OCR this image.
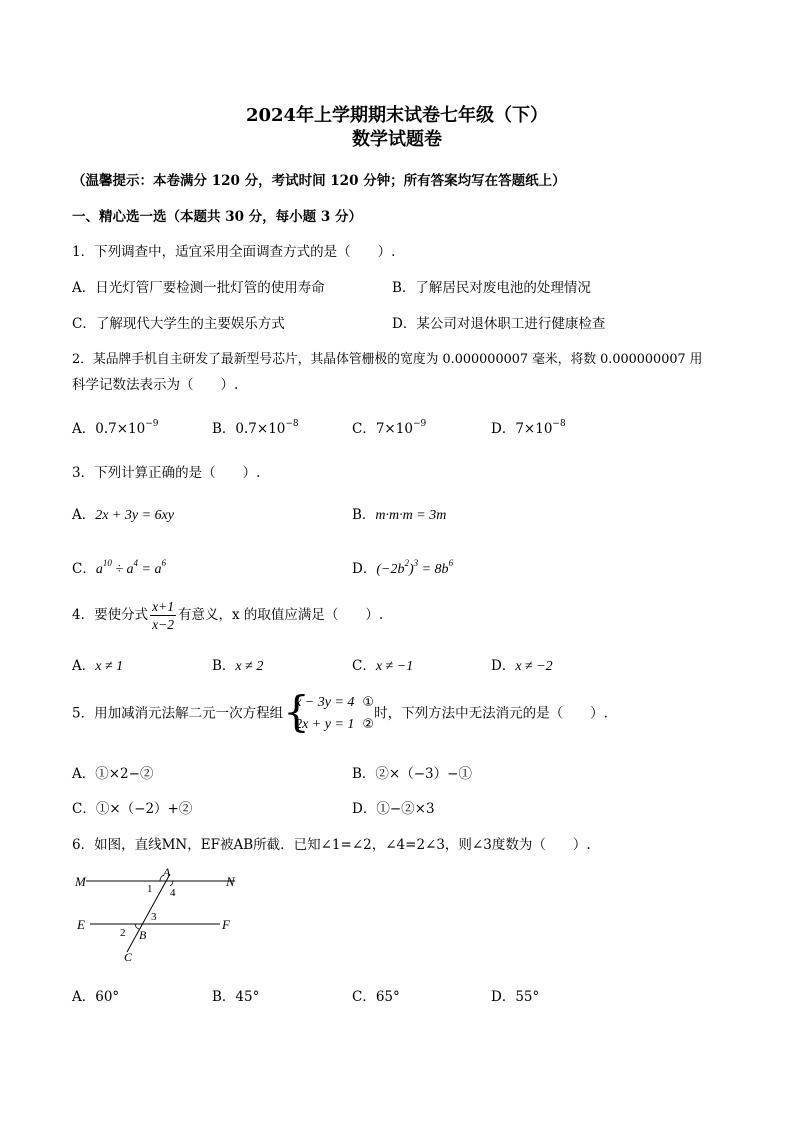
2024年上学期期末试卷七年级（下）
数学试题卷
（温馨提示：本卷满分 120 分，考试时间 120 分钟；所有答案均写在答题纸上）
一、精心选一选（本题共 30 分，每小题 3 分）
1．下列调查中，适宜采用全面调查方式的是（　　）.
A．日光灯管厂要检测一批灯管的使用寿命	B．了解居民对废电池的处理情况
C．了解现代大学生的主要娱乐方式	D．某公司对退休职工进行健康检查
2．某品牌手机自主研发了最新型号芯片，其晶体管栅极的宽度为 0.000000007 毫米，将数 0.000000007 用
科学记数法表示为（　　）.
A．$0.7\times 10^{-9}$	B．$0.7\times 10^{-8}$	C．$7\times 10^{-9}$	D．$7\times 10^{-8}$
3．下列计算正确的是（　　）.
A．2x + 3y = 6xy	B．m·m·m = 3m
C．$a^{10} \div a^4 = a^6$	D．$(-2b^2)^3 = 8b^6$
4．要使分式 $\frac{x+1}{x-2}$ 有意义，x 的取值应满足（　　）.
A．x ≠ 1	B．x ≠ 2	C．x ≠ −1	D．x ≠ −2
5．用加减消元法解二元一次方程组 {
x − 3y = 4 ①
2x + y = 1 ②
时，下列方法中无法消元的是（　　）.
A．①×2−②	B．②×（−3）−①
C．①×（−2）+②	D．①−②×3
6．如图，直线MN，EF被AB所截．已知∠1=∠2，∠4=2∠3，则∠3度数为（　　）.
M	N
A
1 4
E	F
3
2 B
C
A．60°	B．45°	C．65°	D．55°
